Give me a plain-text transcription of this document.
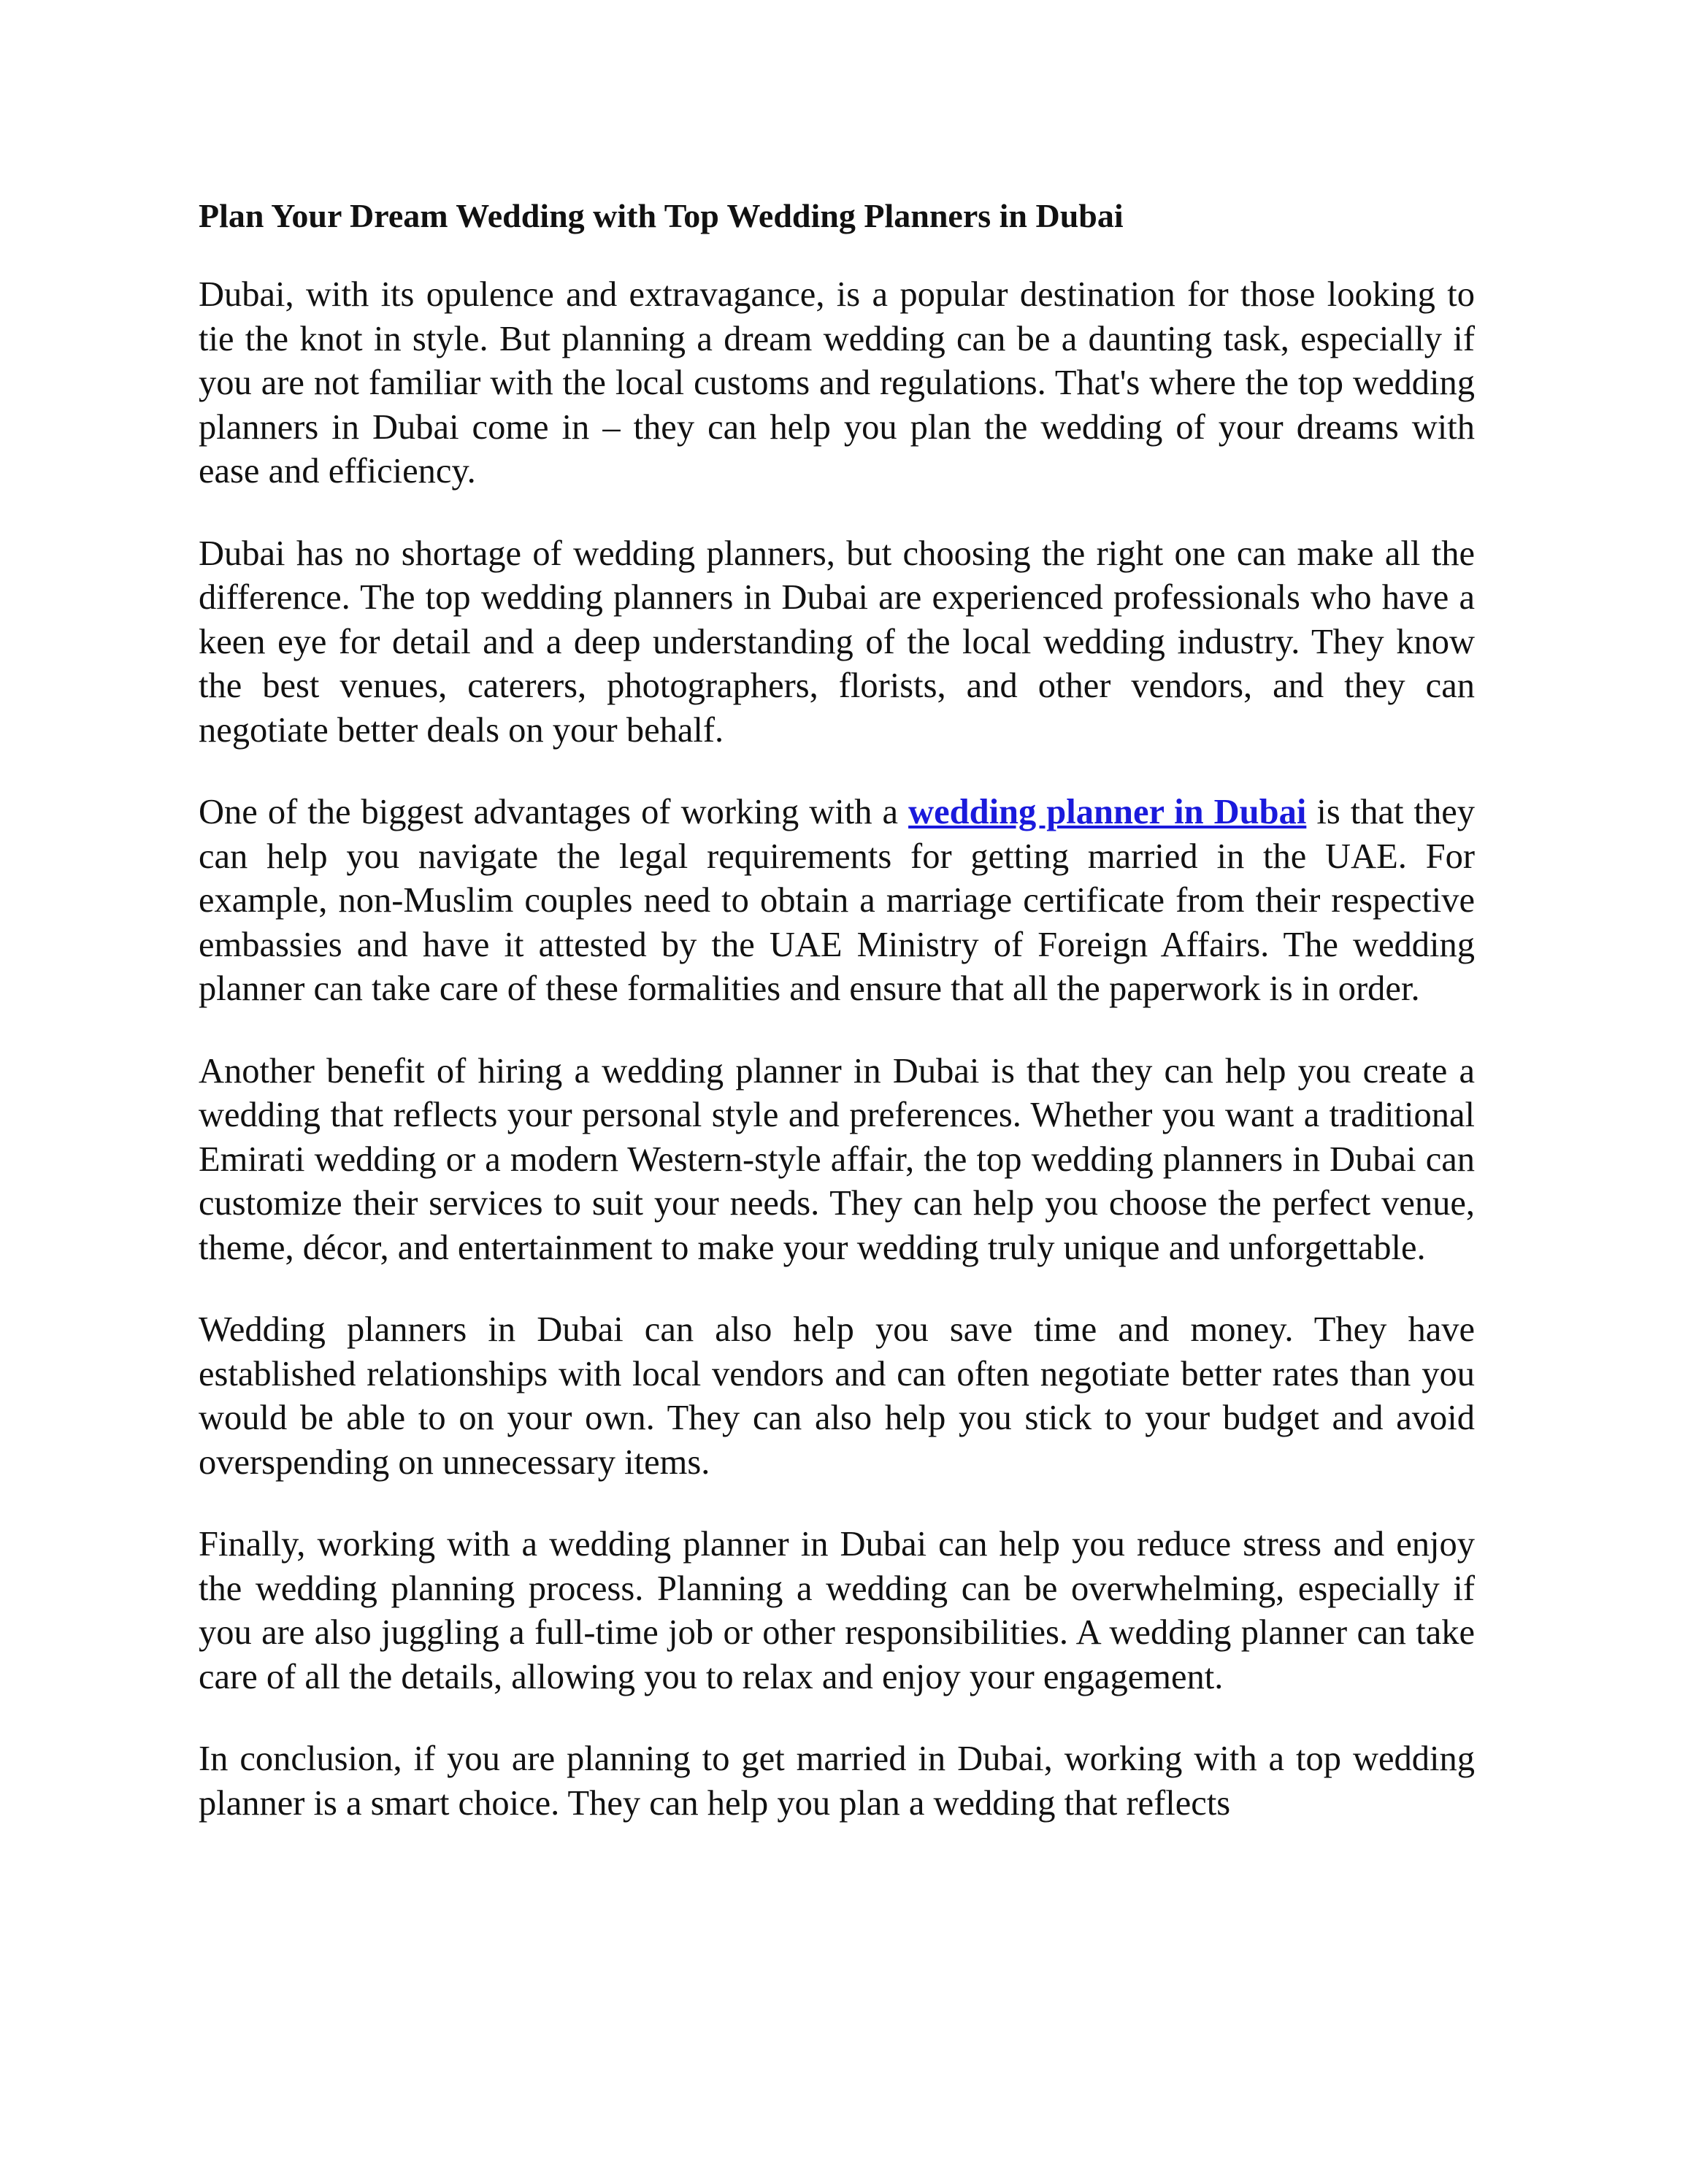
Plan Your Dream Wedding with Top Wedding Planners in Dubai

Dubai, with its opulence and extravagance, is a popular destination for those looking to tie the knot in style. But planning a dream wedding can be a daunting task, especially if you are not familiar with the local customs and regulations. That's where the top wedding planners in Dubai come in – they can help you plan the wedding of your dreams with ease and efficiency.

Dubai has no shortage of wedding planners, but choosing the right one can make all the difference. The top wedding planners in Dubai are experienced professionals who have a keen eye for detail and a deep understanding of the local wedding industry. They know the best venues, caterers, photographers, florists, and other vendors, and they can negotiate better deals on your behalf.

One of the biggest advantages of working with a wedding planner in Dubai is that they can help you navigate the legal requirements for getting married in the UAE. For example, non-Muslim couples need to obtain a marriage certificate from their respective embassies and have it attested by the UAE Ministry of Foreign Affairs. The wedding planner can take care of these formalities and ensure that all the paperwork is in order.

Another benefit of hiring a wedding planner in Dubai is that they can help you create a wedding that reflects your personal style and preferences. Whether you want a traditional Emirati wedding or a modern Western-style affair, the top wedding planners in Dubai can customize their services to suit your needs. They can help you choose the perfect venue, theme, décor, and entertainment to make your wedding truly unique and unforgettable.

Wedding planners in Dubai can also help you save time and money. They have established relationships with local vendors and can often negotiate better rates than you would be able to on your own. They can also help you stick to your budget and avoid overspending on unnecessary items.

Finally, working with a wedding planner in Dubai can help you reduce stress and enjoy the wedding planning process. Planning a wedding can be overwhelming, especially if you are also juggling a full-time job or other responsibilities. A wedding planner can take care of all the details, allowing you to relax and enjoy your engagement.

In conclusion, if you are planning to get married in Dubai, working with a top wedding planner is a smart choice. They can help you plan a wedding that reflects
